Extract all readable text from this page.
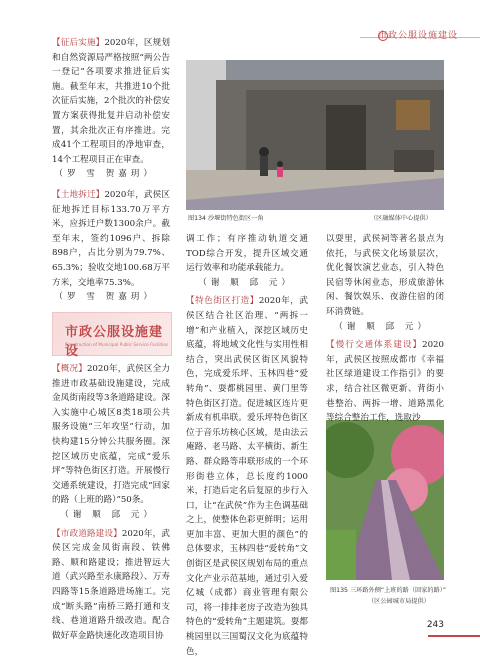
市政公服设施建设
图134 沙堰街特色街区一角	（区融媒体中心提供）
图135 三环路外侧“上班的路（回家的路）”
（区公园城市局提供）
【征后实施】2020年，区规划和自然资源局严格按照“两公告一登记”各项要求推进征后实施。截至年末，共推进10个批次征后实施，2个批次的补偿安置方案获得批复并启动补偿安置，其余批次正有序推进。完成41个工程项目的净地审查，14个工程项目正在审查。
（罗 雪 贺嘉玥）
【土地拆迁】2020年，武侯区征地拆迁目标133.70万平方米，应拆迁户数1300余户。截至年末，签约1096户、拆除898户，占比分别为79.7%、65.3%；验收交地100.68万平方米，交地率75.3%。
（罗 雪 贺嘉玥）
市政公服设施建设
Construction of Municipal Public Service Facilities
【概况】2020年，武侯区全力推进市政基础设施建设，完成金凤街南段等3条道路建设。深入实施中心城区8类18项公共服务设施“三年攻坚”行动，加快构建15分钟公共服务圈。深挖区域历史底蕴，完成“爱乐坪”等特色街区打造。开展慢行交通系统建设，打造完成“回家的路（上班的路）”50条。
（谢 顺 邱 元）
【市政道路建设】2020年，武侯区完成金凤街南段、铁佛路、顺和路建设；推进智远大道（武兴路至永康路段）、万寿四路等15条道路进场施工。完成“断头路”南桥三路打通和支线、巷道道路升级改造。配合做好草金路快速化改造项目协
调工作；有序推动轨道交通TOD综合开发，提升区域交通运行效率和功能承载能力。
（谢 顺 邱 元）
【特色街区打造】2020年，武侯区结合社区治理、“两拆一增”和产业植入，深挖区域历史底蕴，将地域文化性与实用性相结合，突出武侯区街区风貌特色，完成爱乐坪、玉林四巷“爱转角”、耍都桃园里、黄门里等特色街区打造。促进城区连片更新成有机串联。爱乐坪特色街区位于音乐坊核心区域，是由法云庵路、老马路、太平横街、新生路、群众路等串联形成的一个环形街巷立体，总长度约1000米，打造后定名后复原的步行入口，让“在武侯”作为主色调基础之上，使整体色彩更鲜明；运用更加丰富、更加大胆的颜色”的总体要求，玉林四巷“爱转角”文创街区是武侯区规划布局的重点文化产业示范基地，通过引入爱亿城（成都）商业管理有限公司，将一排排老房子改造为独具特色的“爱转角”主题建筑。耍都桃园里以三国蜀汉文化为底蕴特色，
以耍里，武侯祠等著名景点为依托，与武侯文化场景层次，优化餐饮演艺业态，引入特色民宿等休闲业态，形成旅游休闲、餐饮娱乐、夜游住宿的闭环消费链。
（谢 顺 邱 元）
【慢行交通体系建设】2020年，武侯区按照成都市《幸福社区绿道建设工作指引》的要求，结合社区微更新、背街小巷整治、两拆一增、道路黑化等综合整治工作，选取沙
243
